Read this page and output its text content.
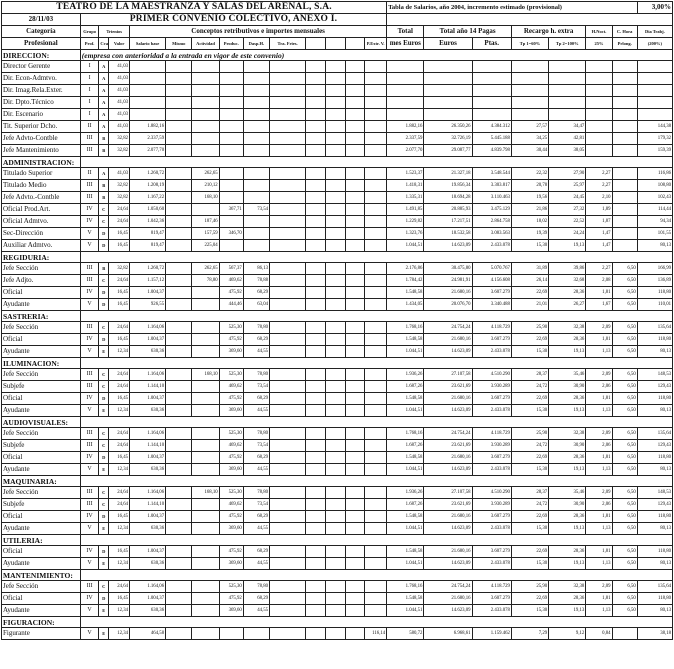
TEATRO DE LA MAESTRANZA Y SALAS DEL ARENAL, S.A.														Tabla de Salarios, año 2004, incremento estimado (provisional)							3,00%
28/11/03	PRIMER CONVENIO COLECTIVO, ANEXO I.																				
Categoría	Grupo	Trienios		Conceptos retributivos e importes mensuales										Total	Total año 14 Pagas		Recargo h. extra		H.Noct.	C. Hora	Dia Trabj.
Profesional	Prof.	Cva	Valor	Salario base	Mismo	Actividad	Produc.	Dasp.H.	Tra. Fries.				P.Extr. V.	mes Euros	Euros	Ptas.	Tp 1=60%	Tp 2=100%	25%	Prlong.	(200%)
DIRECCION:	(empresa con anterioridad a la entrada en vigor de este convenio)																				
Director Gerente	I	A	41,03																		
Dir. Econ-Admtvo.	I	A	41,03																		
Dir. Imag.Rela.Exter.	I	A	41,03																		
Dir. Dpto.Técnico	I	A	41,03																		
Dir. Escenario	I	A	41,03																		
Tit. Superior Dcho.	II	A	41,03	1.882,16										1.882,16	26.350,26	4.384.312	27,57	34,47			144,38
Jefe Advto-Contble	III	B	32,82	2.337,59										2.337,59	32.726,19	5.445.188	34,25	42,81			179,32
Jefe Mantenimiento	III	B	32,82	2.077,70										2.077,70	29.087,77	4.839.798	30,44	38,05			159,39
ADMINISTRACION:																					
Titulado Superior	II	A	41,03	1.260,72		262,65								1.523,37	21.327,18	3.548.544	22,32	27,90	2,27		116,86
Titulado Medio	III	B	32,82	1.208,19		210,12								1.418,31	19.856,34	3.303.817	20,78	25,97	2,27		108,80
Jefe Advto.-Contble	III	B	32,82	1.167,22		168,10								1.335,31	18.694,28	3.110.463	19,56	24,45	2,10		102,43
Oficial Prod.Art.	IV	C	24,64	1.050,60			367,71	73,54						1.491,85	20.885,93	3.475.129	21,86	27,32	1,89		114,44
Oficial Admtvo.	IV	C	24,64	1.042,36		187,46								1.229,82	17.217,51	2.864.758	18,02	22,52	1,87		94,34
Sec-Dirección	V	D	16,45	819,47		157,59	346,70							1.323,76	18.532,58	3.083.563	19,39	24,24	1,47		101,55
Auxiliar Admtvo.	V	D	16,45	819,47		225,04								1.044,51	14.623,09	2.433.078	15,30	19,13	1,47		80,13
REGIDURIA:																					
Jefe Sección	III	B	32,82	1.260,72		262,65	567,37	86,13						2.176,86	30.475,80	5.070.767	31,89	39,86	2,27	6,50	166,99
Jefe Adjto.	III	C	24,64	1.157,12		78,80	469,62	78,88						1.784,42	24.981,91	4.156.608	26,14	32,68	2,08	6,50	136,89
Oficial	IV	D	16,45	1.004,37			475,92	68,29						1.548,58	21.680,16	3.607.279	22,69	28,36	1,81	6,50	118,80
Ayudante	V	D	16,45	926,55			444,46	63,04						1.434,05	20.076,70	3.340.488	21,01	26,27	1,67	6,50	110,01
SASTRERIA:																					
Jefe Sección	III	C	24,64	1.164,06			525,30	78,80						1.768,16	24.754,24	4.118.729	25,90	32,38	2,09	6,50	135,64
Oficial	IV	D	16,45	1.004,37			475,92	68,29						1.548,58	21.680,16	3.607.279	22,69	28,36	1,81	6,50	118,80
Ayudante	V	E	12,34	630,36			369,60	44,55						1.044,51	14.623,09	2.433.078	15,30	19,13	1,13	6,50	80,13
ILUMINACION:																					
Jefe Sección	III	C	24,64	1.164,06		168,10	525,30	78,80						1.936,26	27.107,58	4.510.290	28,37	35,46	2,09	6,50	148,53
Subjefe	III	C	24,64	1.144,10			469,62	73,54						1.687,26	23.621,69	3.930.289	24,72	30,90	2,06	6,50	129,43
Oficial	IV	D	16,45	1.004,37			475,92	68,29						1.548,58	21.680,16	3.607.279	22,69	28,36	1,81	6,50	118,80
Ayudante	V	E	12,34	630,36			369,60	44,55						1.044,51	14.623,09	2.433.078	15,30	19,13	1,13	6,50	80,13
AUDIOVISUALES:																					
Jefe Sección	III	C	24,64	1.164,06			525,30	78,80						1.768,16	24.754,24	4.118.729	25,90	32,38	2,09	6,50	135,64
Subjefe	III	C	24,64	1.144,10			469,62	73,54						1.687,26	23.621,69	3.930.289	24,72	30,90	2,06	6,50	129,43
Oficial	IV	D	16,45	1.004,37			475,92	68,29						1.548,58	21.680,16	3.607.279	22,69	28,36	1,81	6,50	118,80
Ayudante	V	E	12,34	630,36			369,60	44,55						1.044,51	14.623,09	2.433.078	15,30	19,13	1,13	6,50	80,13
MAQUINARIA:																					
Jefe Sección	III	C	24,64	1.164,06		168,10	525,30	78,80						1.936,26	27.107,58	4.510.290	28,37	35,46	2,09	6,50	148,53
Subjefe	III	C	24,64	1.144,10			469,62	73,54						1.687,26	23.621,69	3.930.289	24,72	30,90	2,06	6,50	129,43
Oficial	IV	D	16,45	1.004,37			475,92	68,29						1.548,58	21.680,16	3.607.279	22,69	28,36	1,81	6,50	118,80
Ayudante	V	E	12,34	630,36			369,60	44,55						1.044,51	14.623,09	2.433.078	15,30	19,13	1,13	6,50	80,13
UTILERIA:																					
Oficial	IV	D	16,45	1.004,37			475,92	68,29						1.548,58	21.680,16	3.607.279	22,69	28,36	1,81	6,50	118,80
Ayudante	V	E	12,34	630,36			369,60	44,55						1.044,51	14.623,09	2.433.078	15,30	19,13	1,13	6,50	80,13
MANTENIMIENTO:																					
Jefe Sección	III	C	24,64	1.164,06			525,30	78,80						1.768,16	24.754,24	4.118.729	25,90	32,38	2,09	6,50	135,64
Oficial	IV	D	16,45	1.004,37			475,92	68,29						1.548,58	21.680,16	3.607.279	22,69	28,36	1,81	6,50	118,80
Ayudante	V	E	12,34	630,36			369,60	44,55						1.044,51	14.623,09	2.433.078	15,30	19,13	1,13	6,50	80,13
FIGURACION:																					
Figurante	V	E	12,34	464,58									116,14	580,72	6.968,61	1.159.462	7,29	9,12	0,84		38,18
